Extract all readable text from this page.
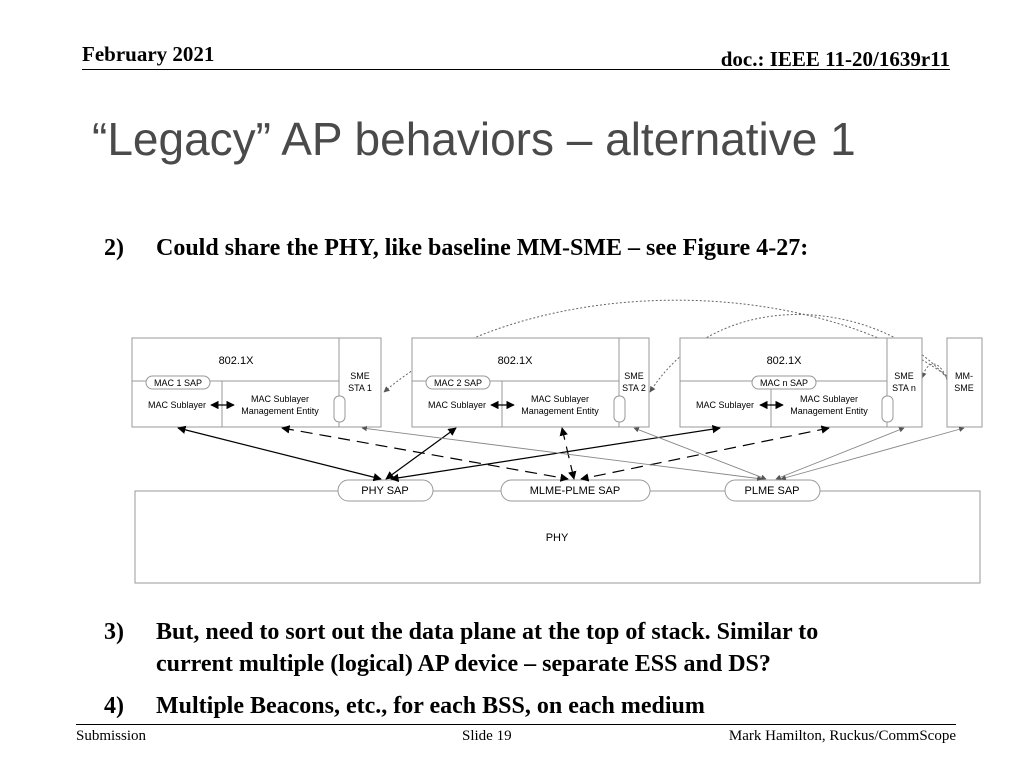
February 2021	doc.: IEEE 11-20/1639r11
“Legacy” AP behaviors – alternative 1
2) Could share the PHY, like baseline MM-SME – see Figure 4-27:
802.1X
MAC 1 SAP
MAC Sublayer
MAC Sublayer
Management Entity
SME
STA 1
802.1X
MAC 2 SAP
MAC Sublayer
MAC Sublayer
Management Entity
SME
STA 2
802.1X
MAC n SAP
MAC Sublayer
MAC Sublayer
Management Entity
SME
STA n
MM-
SME
PHY
PHY SAP	MLME-PLME SAP	PLME SAP
3) But, need to sort out the data plane at the top of stack. Similar to
current multiple (logical) AP device – separate ESS and DS?
4) Multiple Beacons, etc., for each BSS, on each medium
Submission	Slide 19	Mark Hamilton, Ruckus/CommScope
